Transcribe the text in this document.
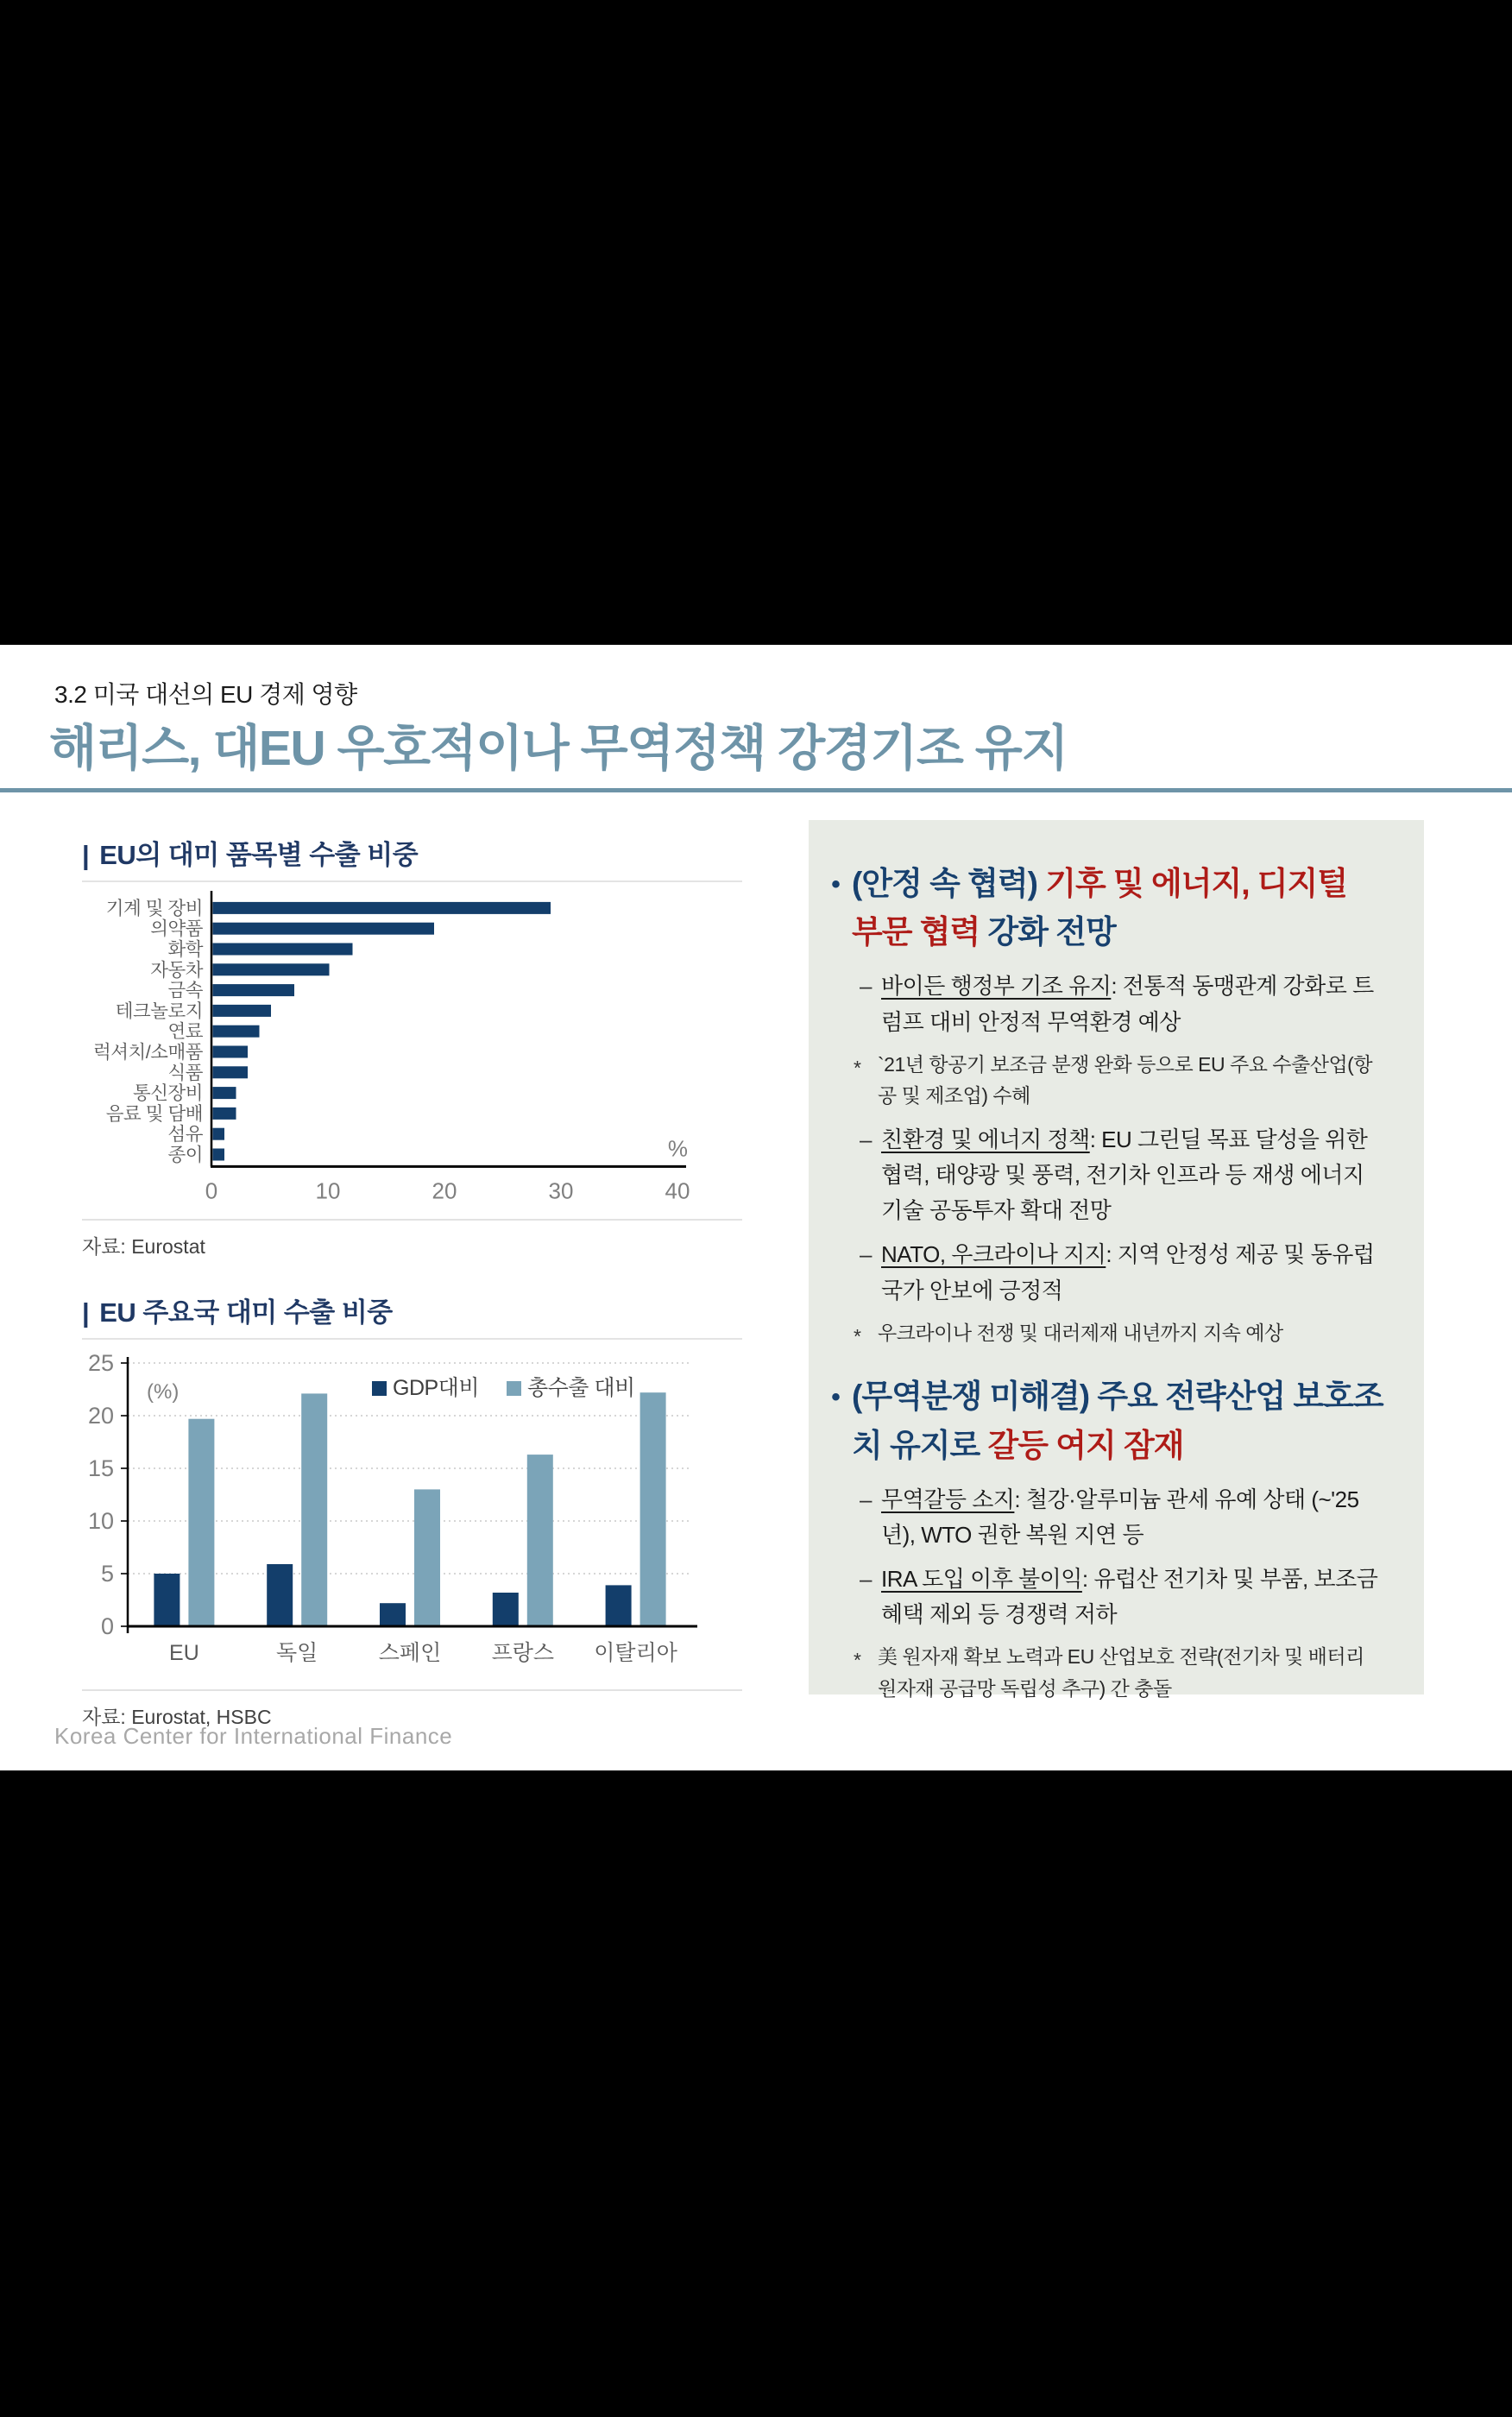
3.2 미국 대선의 EU 경제 영향
해리스, 대EU 우호적이나 무역정책 강경기조 유지
| EU의 대미 품목별 수출 비중
기계 및 장비
의약품
화학
자동차
금속
테크놀로지
연료
럭셔치/소매품
식품
통신장비
음료 및 담배
섬유
종이
0	10	20	30	40
%
자료: Eurostat
| EU 주요국 대미 수출 비중
0
5
10
15
20
25
(%)
EU	독일	스페인 프랑스 이탈리아
GDP대비 총수출 대비
자료: Eurostat, HSBC
• (안정 속 협력) 기후 및 에너지, 디지털 부문 협력 강화 전망
– 바이든 행정부 기조 유지: 전통적 동맹관계 강화로 트럼프 대비 안정적 무역환경 예상
* `21년 항공기 보조금 분쟁 완화 등으로 EU 주요 수출산업(항공 및 제조업) 수혜
– 친환경 및 에너지 정책: EU 그린딜 목표 달성을 위한 협력, 태양광 및 풍력, 전기차 인프라 등 재생 에너지 기술 공동투자 확대 전망
– NATO, 우크라이나 지지: 지역 안정성 제공 및 동유럽 국가 안보에 긍정적
* 우크라이나 전쟁 및 대러제재 내년까지 지속 예상
• (무역분쟁 미해결) 주요 전략산업 보호조치 유지로 갈등 여지 잠재
– 무역갈등 소지: 철강·알루미늄 관세 유예 상태 (~'25년), WTO 권한 복원 지연 등
– IRA 도입 이후 불이익: 유럽산 전기차 및 부품, 보조금 혜택 제외 등 경쟁력 저하
* 美 원자재 확보 노력과 EU 산업보호 전략(전기차 및 배터리 원자재 공급망 독립성 추구) 간 충돌
Korea Center for International Finance
